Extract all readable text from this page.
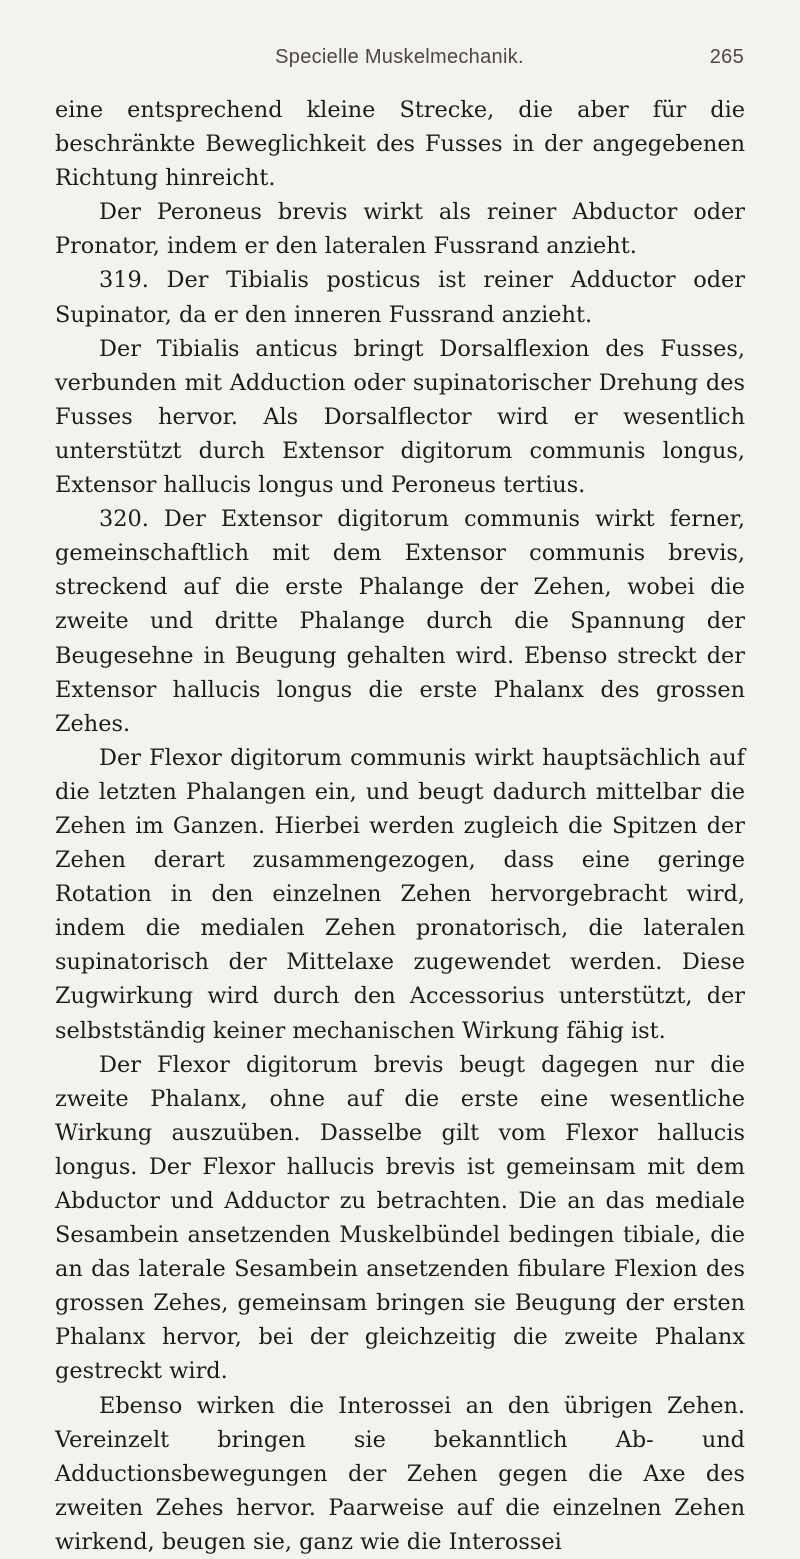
Specielle Muskelmechanik.	265

eine entsprechend kleine Strecke, die aber für die beschränkte Beweglichkeit des Fusses in der angegebenen Richtung hinreicht.

Der Peroneus brevis wirkt als reiner Abductor oder Pronator, indem er den lateralen Fussrand anzieht.

319. Der Tibialis posticus ist reiner Adductor oder Supinator, da er den inneren Fussrand anzieht.

Der Tibialis anticus bringt Dorsalflexion des Fusses, verbunden mit Adduction oder supinatorischer Drehung des Fusses hervor. Als Dorsalflector wird er wesentlich unterstützt durch Extensor digitorum communis longus, Extensor hallucis longus und Peroneus tertius.

320. Der Extensor digitorum communis wirkt ferner, gemeinschaftlich mit dem Extensor communis brevis, streckend auf die erste Phalange der Zehen, wobei die zweite und dritte Phalange durch die Spannung der Beugesehne in Beugung gehalten wird. Ebenso streckt der Extensor hallucis longus die erste Phalanx des grossen Zehes.

Der Flexor digitorum communis wirkt hauptsächlich auf die letzten Phalangen ein, und beugt dadurch mittelbar die Zehen im Ganzen. Hierbei werden zugleich die Spitzen der Zehen derart zusammengezogen, dass eine geringe Rotation in den einzelnen Zehen hervorgebracht wird, indem die medialen Zehen pronatorisch, die lateralen supinatorisch der Mittelaxe zugewendet werden. Diese Zugwirkung wird durch den Accessorius unterstützt, der selbstständig keiner mechanischen Wirkung fähig ist.

Der Flexor digitorum brevis beugt dagegen nur die zweite Phalanx, ohne auf die erste eine wesentliche Wirkung auszuüben. Dasselbe gilt vom Flexor hallucis longus. Der Flexor hallucis brevis ist gemeinsam mit dem Abductor und Adductor zu betrachten. Die an das mediale Sesambein ansetzenden Muskelbündel bedingen tibiale, die an das laterale Sesambein ansetzenden fibulare Flexion des grossen Zehes, gemeinsam bringen sie Beugung der ersten Phalanx hervor, bei der gleichzeitig die zweite Phalanx gestreckt wird.

Ebenso wirken die Interossei an den übrigen Zehen. Vereinzelt bringen sie bekanntlich Ab- und Adductionsbewegungen der Zehen gegen die Axe des zweiten Zehes hervor. Paarweise auf die einzelnen Zehen wirkend, beugen sie, ganz wie die Interossei
